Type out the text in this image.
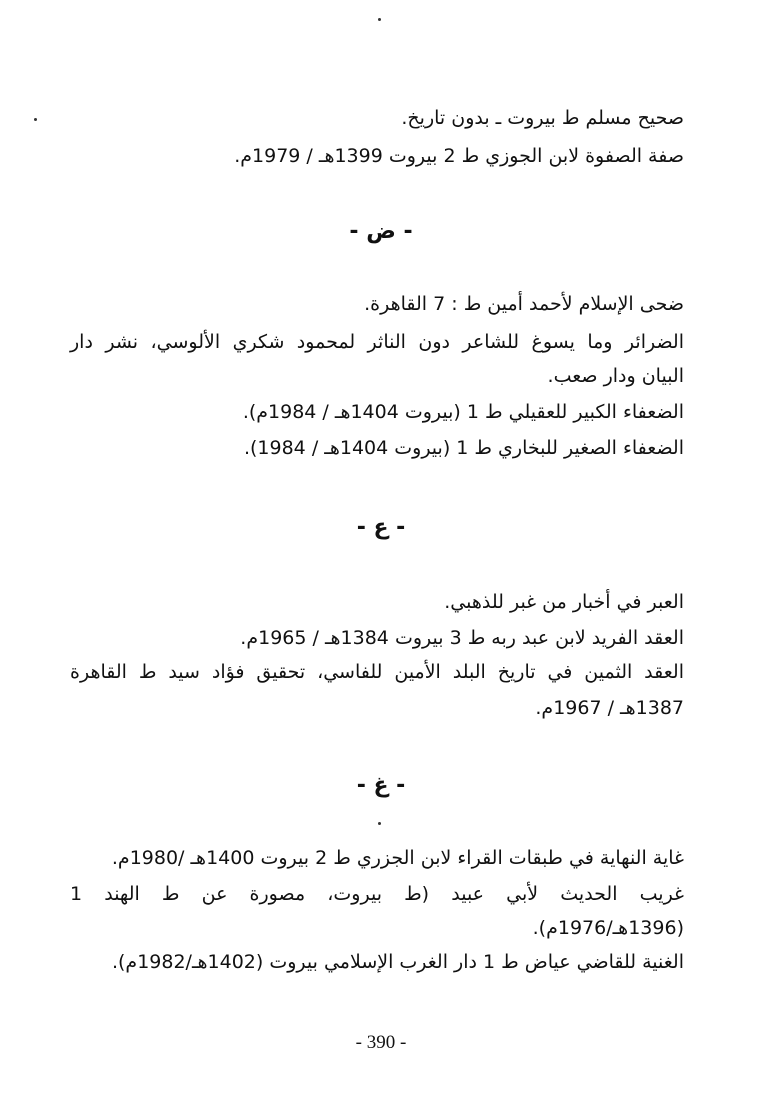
صحيح مسلم ط بيروت ـ بدون تاريخ.
صفة الصفوة لابن الجوزي ط 2 بيروت 1399هـ / 1979م.
- ض -
ضحى الإسلام لأحمد أمين ط : 7 القاهرة.
الضرائر وما يسوغ للشاعر دون الناثر لمحمود شكري الألوسي، نشر دار
البيان ودار صعب.
الضعفاء الكبير للعقيلي ط 1 (بيروت 1404هـ / 1984م).
الضعفاء الصغير للبخاري ط 1 (بيروت 1404هـ / 1984).
- ع -
العبر في أخبار من غبر للذهبي.
العقد الفريد لابن عبد ربه ط 3 بيروت 1384هـ / 1965م.
العقد الثمين في تاريخ البلد الأمين للفاسي، تحقيق فؤاد سيد ط القاهرة
1387هـ / 1967م.
- غ -
غاية النهاية في طبقات القراء لابن الجزري ط 2 بيروت 1400هـ /1980م.
غريب الحديث لأبي عبيد (ط بيروت، مصورة عن ط الهند 1
(1396هـ/1976م).
الغنية للقاضي عياض ط 1 دار الغرب الإسلامي بيروت (1402هـ/1982م).
- 390 -
